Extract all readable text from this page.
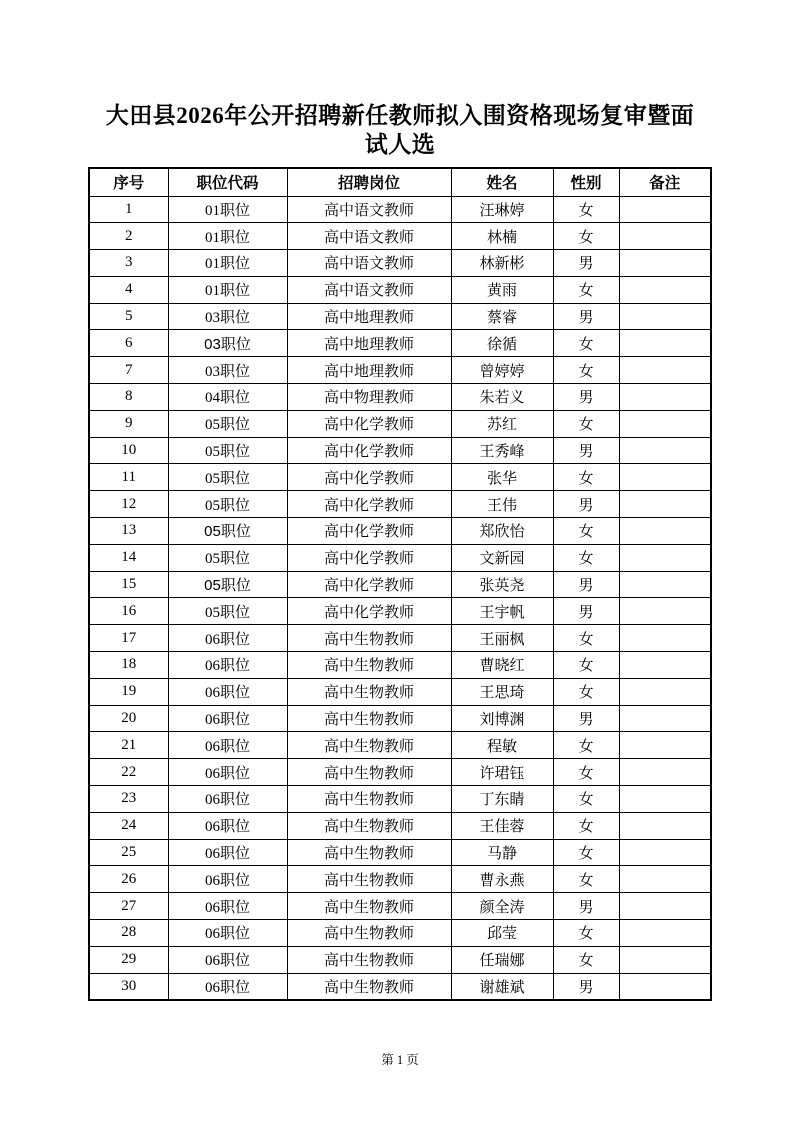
大田县2026年公开招聘新任教师拟入围资格现场复审暨面
试人选
序号	职位代码	招聘岗位	姓名	性别	备注
1	01职位	高中语文教师	汪琳婷	女	
2	01职位	高中语文教师	林楠	女	
3	01职位	高中语文教师	林新彬	男	
4	01职位	高中语文教师	黄雨	女	
5	03职位	高中地理教师	蔡睿	男	
6	03职位	高中地理教师	徐循	女	
7	03职位	高中地理教师	曾婷婷	女	
8	04职位	高中物理教师	朱若义	男	
9	05职位	高中化学教师	苏红	女	
10	05职位	高中化学教师	王秀峰	男	
11	05职位	高中化学教师	张华	女	
12	05职位	高中化学教师	王伟	男	
13	05职位	高中化学教师	郑欣怡	女	
14	05职位	高中化学教师	文新园	女	
15	05职位	高中化学教师	张英尧	男	
16	05职位	高中化学教师	王宇帆	男	
17	06职位	高中生物教师	王丽枫	女	
18	06职位	高中生物教师	曹晓红	女	
19	06职位	高中生物教师	王思琦	女	
20	06职位	高中生物教师	刘博渊	男	
21	06职位	高中生物教师	程敏	女	
22	06职位	高中生物教师	许珺钰	女	
23	06职位	高中生物教师	丁东睛	女	
24	06职位	高中生物教师	王佳蓉	女	
25	06职位	高中生物教师	马静	女	
26	06职位	高中生物教师	曹永燕	女	
27	06职位	高中生物教师	颜全涛	男	
28	06职位	高中生物教师	邱莹	女	
29	06职位	高中生物教师	任瑞娜	女	
30	06职位	高中生物教师	谢雄斌	男	
第 1 页
